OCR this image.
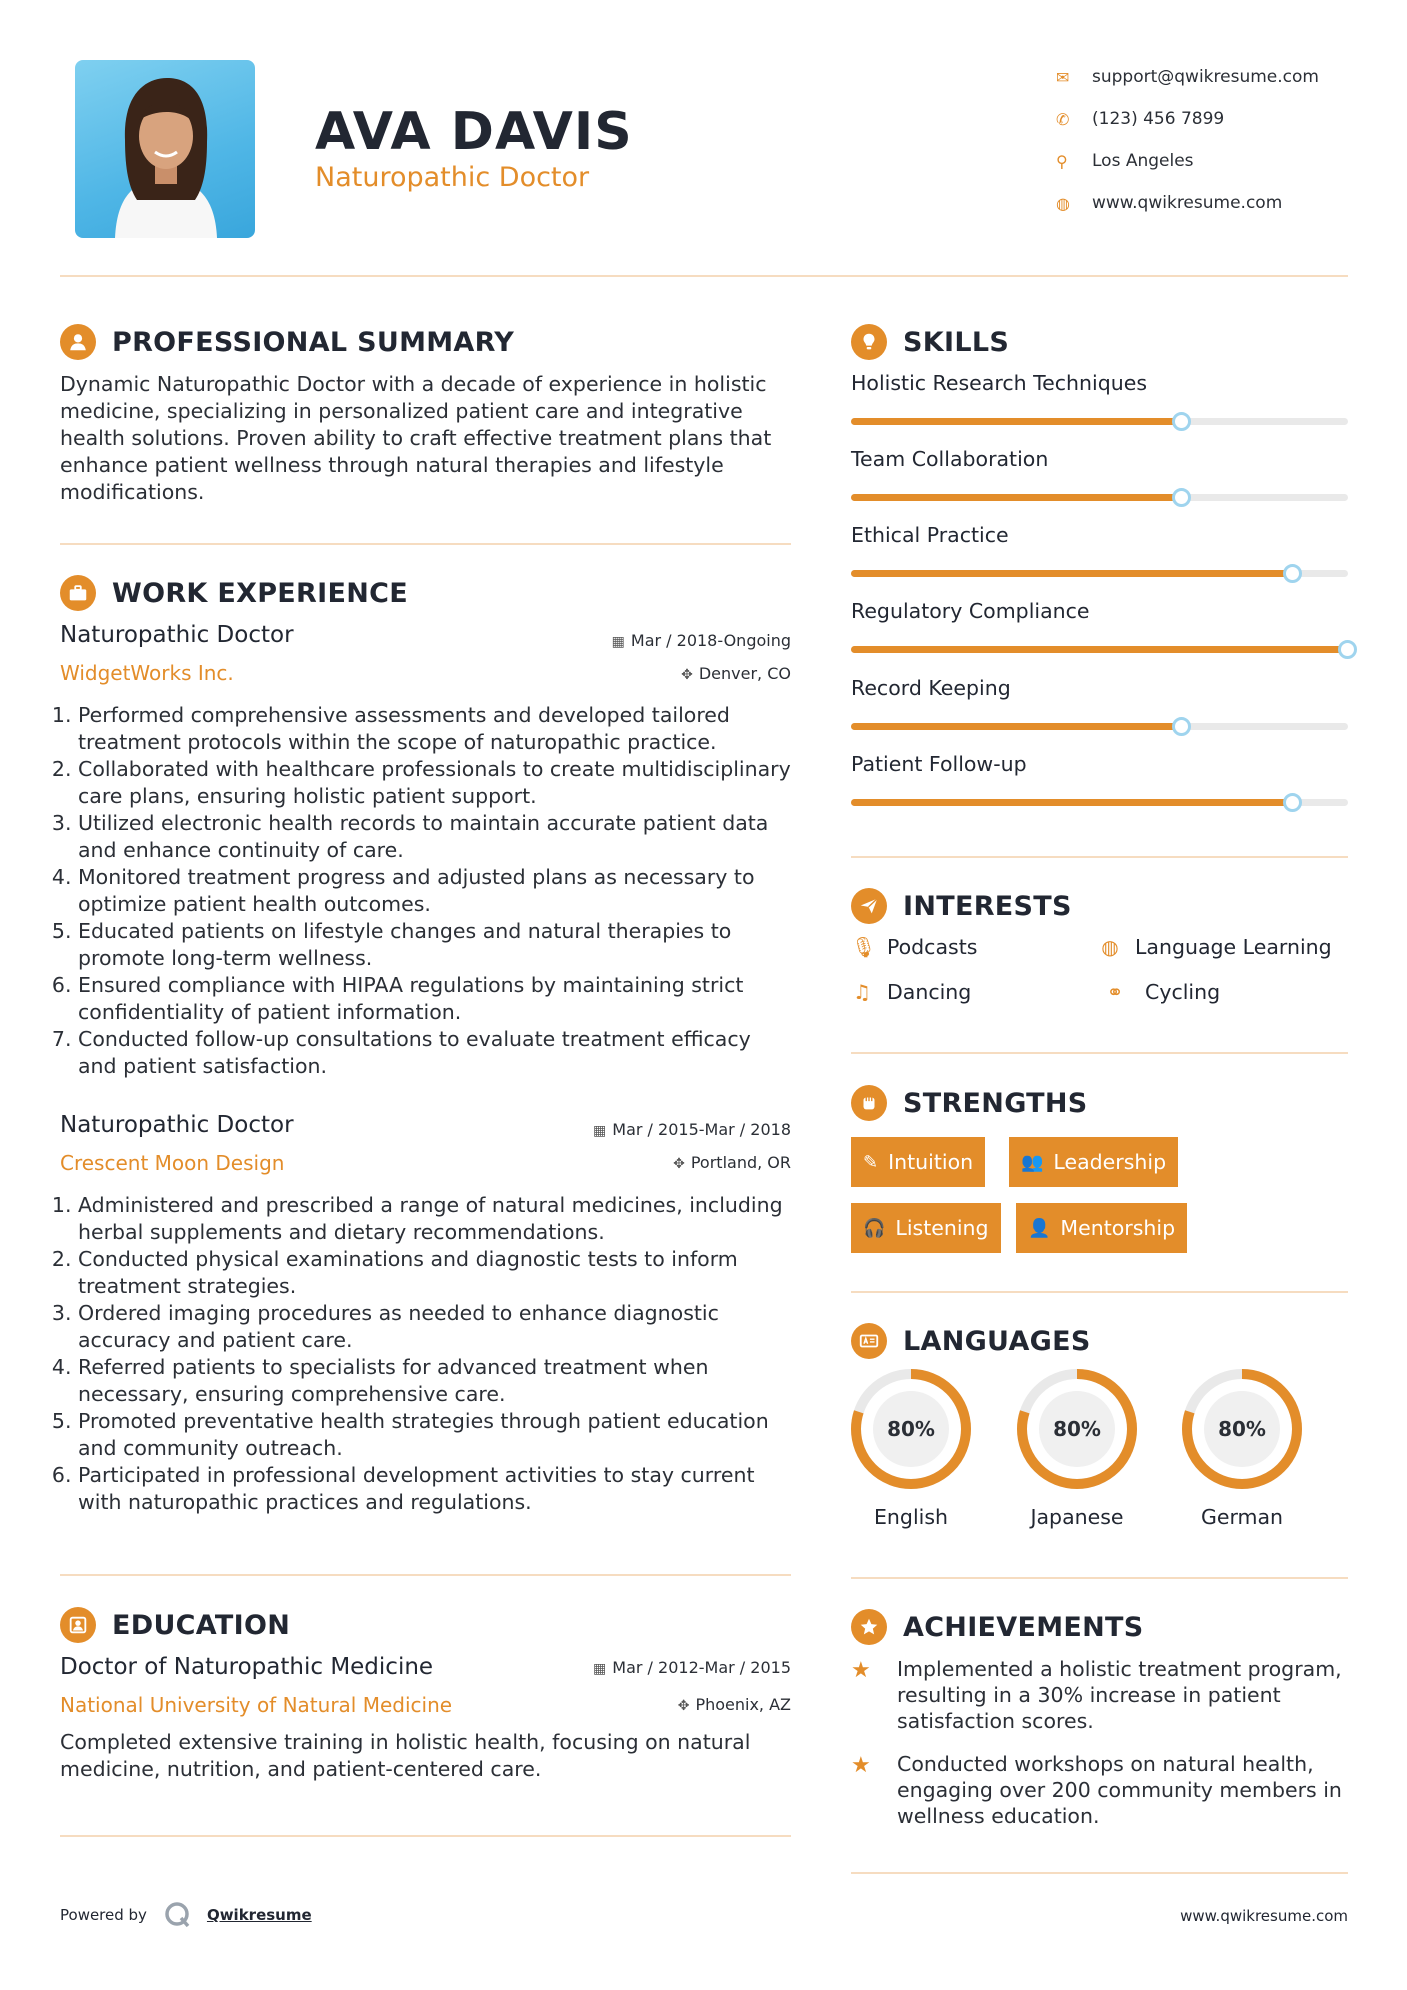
AVA DAVIS
Naturopathic Doctor
✉	support@qwikresume.com
✆	(123) 456 7899
⚲	Los Angeles
◍	www.qwikresume.com
PROFESSIONAL SUMMARY
Dynamic Naturopathic Doctor with a decade of experience in holistic medicine, specializing in personalized patient care and integrative health solutions. Proven ability to craft effective treatment plans that enhance patient wellness through natural therapies and lifestyle modifications.
WORK EXPERIENCE
Naturopathic Doctor
WidgetWorks Inc.
▦ Mar / 2018-Ongoing
✥ Denver, CO
1. Performed comprehensive assessments and developed tailored treatment protocols within the scope of naturopathic practice.
2. Collaborated with healthcare professionals to create multidisciplinary care plans, ensuring holistic patient support.
3. Utilized electronic health records to maintain accurate patient data and enhance continuity of care.
4. Monitored treatment progress and adjusted plans as necessary to optimize patient health outcomes.
5. Educated patients on lifestyle changes and natural therapies to promote long-term wellness.
6. Ensured compliance with HIPAA regulations by maintaining strict confidentiality of patient information.
7. Conducted follow-up consultations to evaluate treatment efficacy and patient satisfaction.
Naturopathic Doctor
Crescent Moon Design
▦ Mar / 2015-Mar / 2018
✥ Portland, OR
1. Administered and prescribed a range of natural medicines, including herbal supplements and dietary recommendations.
2. Conducted physical examinations and diagnostic tests to inform treatment strategies.
3. Ordered imaging procedures as needed to enhance diagnostic accuracy and patient care.
4. Referred patients to specialists for advanced treatment when necessary, ensuring comprehensive care.
5. Promoted preventative health strategies through patient education and community outreach.
6. Participated in professional development activities to stay current with naturopathic practices and regulations.
EDUCATION
Doctor of Naturopathic Medicine
National University of Natural Medicine
▦ Mar / 2012-Mar / 2015
✥ Phoenix, AZ
Completed extensive training in holistic health, focusing on natural medicine, nutrition, and patient-centered care.
SKILLS
Holistic Research Techniques
Team Collaboration
Ethical Practice
Regulatory Compliance
Record Keeping
Patient Follow-up
INTERESTS
🎙 Podcasts	◍ Language Learning
♫ Dancing	⚭	Cycling
STRENGTHS
✎ Intuition	👥 Leadership
🎧 Listening 👤 Mentorship
LANGUAGES
80%
English
80%
Japanese
80%
German
ACHIEVEMENTS
★	Implemented a holistic treatment program, resulting in a 30% increase in patient satisfaction scores.
★	Conducted workshops on natural health, engaging over 200 community members in wellness education.
Powered by	Qwikresume	www.qwikresume.com
